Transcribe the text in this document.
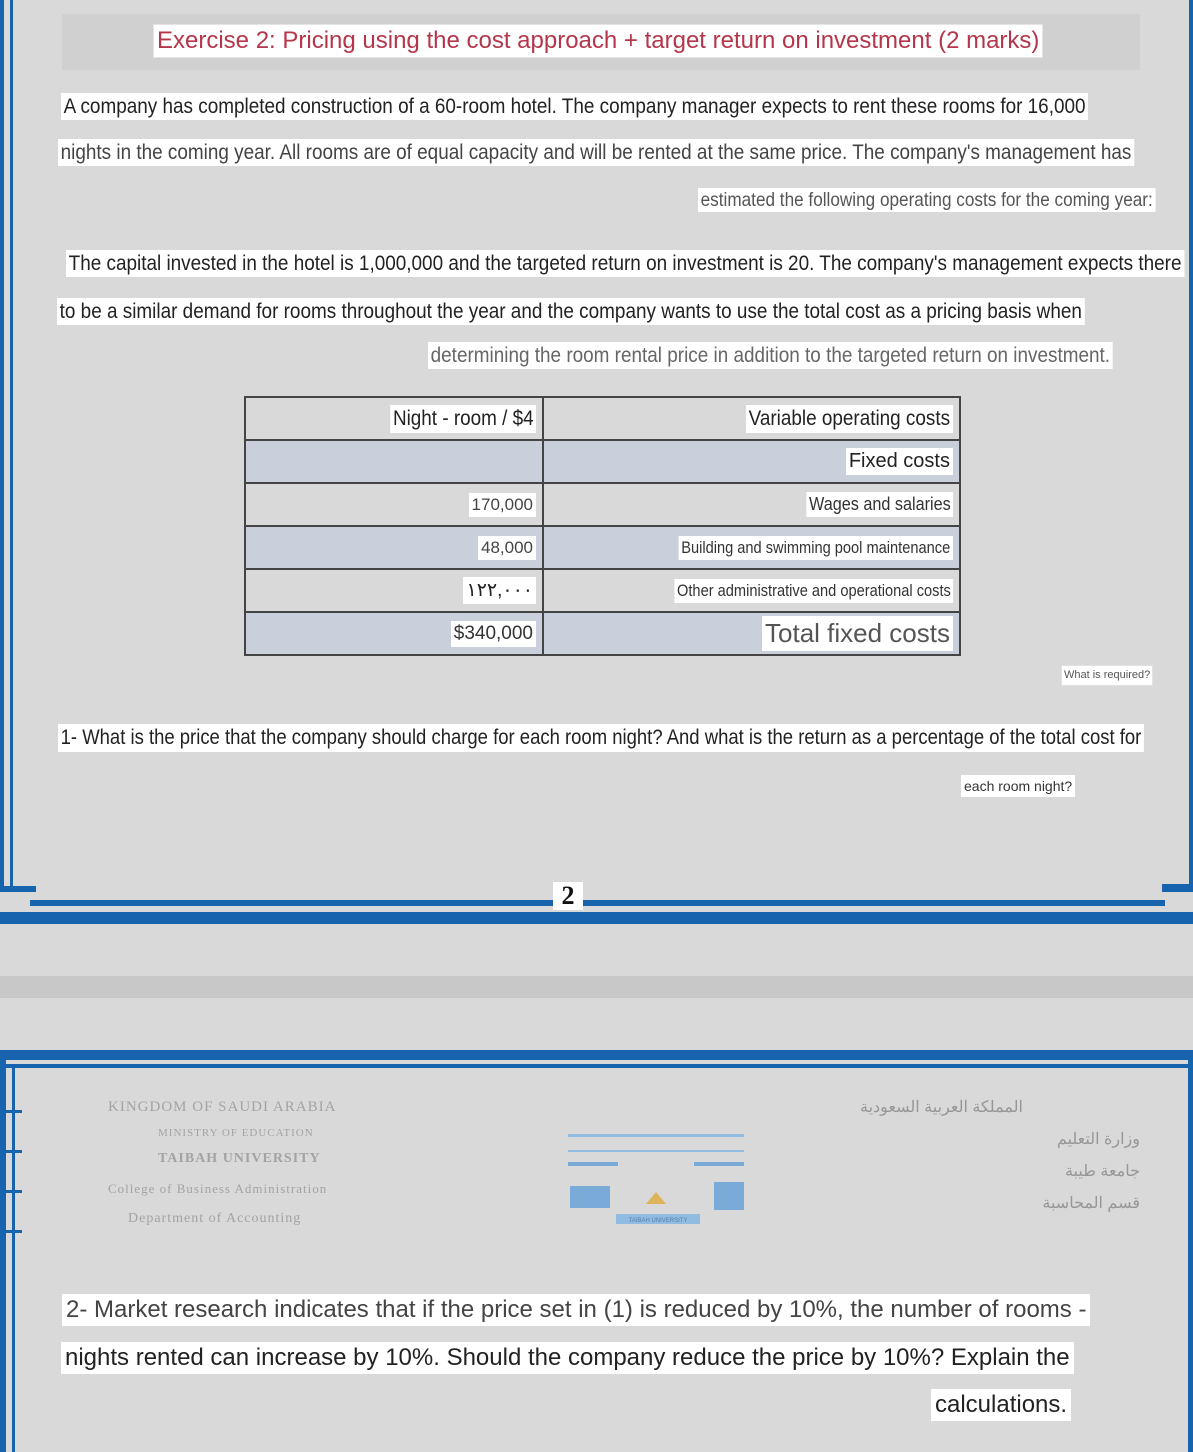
Exercise 2: Pricing using the cost approach + target return on investment (2 marks)
A company has completed construction of a 60-room hotel. The company manager expects to rent these rooms for 16,000
nights in the coming year. All rooms are of equal capacity and will be rented at the same price. The company's management has
estimated the following operating costs for the coming year:
The capital invested in the hotel is 1,000,000 and the targeted return on investment is 20. The company's management expects there
to be a similar demand for rooms throughout the year and the company wants to use the total cost as a pricing basis when
determining the room rental price in addition to the targeted return on investment.
Night - room / $4	Variable operating costs
	Fixed costs
170,000	Wages and salaries
48,000	Building and swimming pool maintenance
١٢٢,٠٠٠	Other administrative and operational costs
$340,000	Total fixed costs
What is required?
1- What is the price that the company should charge for each room night? And what is the return as a percentage of the total cost for
each room night?
2
KINGDOM OF SAUDI ARABIA
MINISTRY OF EDUCATION
TAIBAH UNIVERSITY
College of Business Administration
Department of Accounting	TAIBAH UNIVERSITY
المملكة العربية السعودية
وزارة التعليم
جامعة طيبة
قسم المحاسبة
2- Market research indicates that if the price set in (1) is reduced by 10%, the number of rooms -
nights rented can increase by 10%. Should the company reduce the price by 10%? Explain the
calculations.
